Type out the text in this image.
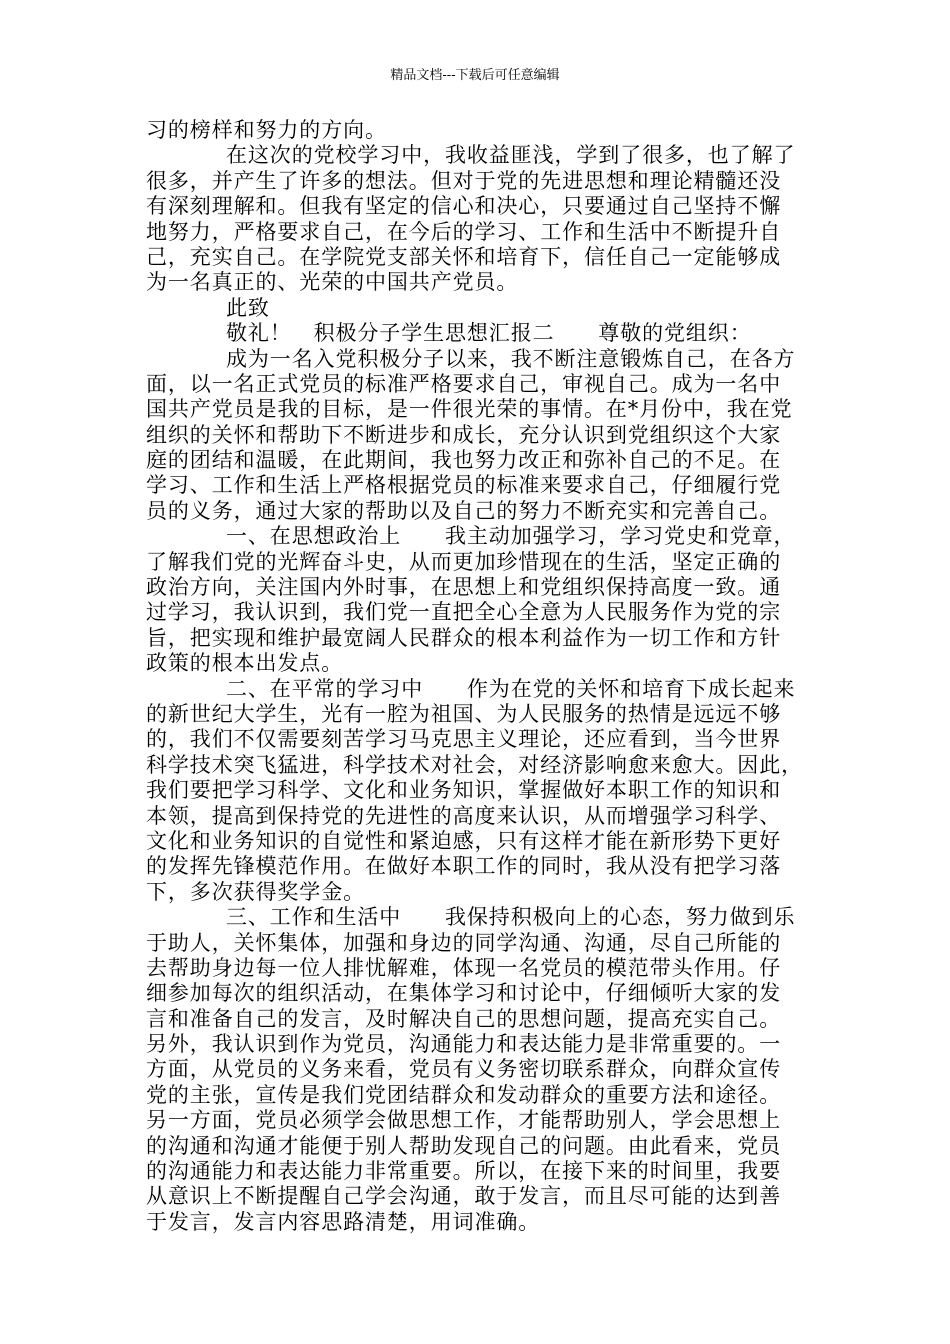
精品文档---下载后可任意编辑
习的榜样和努力的方向。
在这次的党校学习中，我收益匪浅，学到了很多，也了解了
很多，并产生了许多的想法。但对于党的先进思想和理论精髓还没
有深刻理解和。但我有坚定的信心和决心，只要通过自己坚持不懈
地努力，严格要求自己，在今后的学习、工作和生活中不断提升自
己，充实自己。在学院党支部关怀和培育下，信任自己一定能够成
为一名真正的、光荣的中国共产党员。
此致
敬礼！　积极分子学生思想汇报二　　尊敬的党组织：
成为一名入党积极分子以来，我不断注意锻炼自己，在各方
面，以一名正式党员的标准严格要求自己，审视自己。成为一名中
国共产党员是我的目标，是一件很光荣的事情。在*月份中，我在党
组织的关怀和帮助下不断进步和成长，充分认识到党组织这个大家
庭的团结和温暖，在此期间，我也努力改正和弥补自己的不足。在
学习、工作和生活上严格根据党员的标准来要求自己，仔细履行党
员的义务，通过大家的帮助以及自己的努力不断充实和完善自己。
一、在思想政治上　　我主动加强学习，学习党史和党章，
了解我们党的光辉奋斗史，从而更加珍惜现在的生活，坚定正确的
政治方向，关注国内外时事，在思想上和党组织保持高度一致。通
过学习，我认识到，我们党一直把全心全意为人民服务作为党的宗
旨，把实现和维护最宽阔人民群众的根本利益作为一切工作和方针
政策的根本出发点。
二、在平常的学习中　　作为在党的关怀和培育下成长起来
的新世纪大学生，光有一腔为祖国、为人民服务的热情是远远不够
的，我们不仅需要刻苦学习马克思主义理论，还应看到，当今世界
科学技术突飞猛进，科学技术对社会，对经济影响愈来愈大。因此，
我们要把学习科学、文化和业务知识，掌握做好本职工作的知识和
本领，提高到保持党的先进性的高度来认识，从而增强学习科学、
文化和业务知识的自觉性和紧迫感，只有这样才能在新形势下更好
的发挥先锋模范作用。在做好本职工作的同时，我从没有把学习落
下，多次获得奖学金。
三、工作和生活中　　我保持积极向上的心态，努力做到乐
于助人，关怀集体，加强和身边的同学沟通、沟通，尽自己所能的
去帮助身边每一位人排忧解难，体现一名党员的模范带头作用。仔
细参加每次的组织活动，在集体学习和讨论中，仔细倾听大家的发
言和准备自己的发言，及时解决自己的思想问题，提高充实自己。
另外，我认识到作为党员，沟通能力和表达能力是非常重要的。一
方面，从党员的义务来看，党员有义务密切联系群众，向群众宣传
党的主张，宣传是我们党团结群众和发动群众的重要方法和途径。
另一方面，党员必须学会做思想工作，才能帮助别人，学会思想上
的沟通和沟通才能便于别人帮助发现自己的问题。由此看来，党员
的沟通能力和表达能力非常重要。所以，在接下来的时间里，我要
从意识上不断提醒自己学会沟通，敢于发言，而且尽可能的达到善
于发言，发言内容思路清楚，用词准确。
